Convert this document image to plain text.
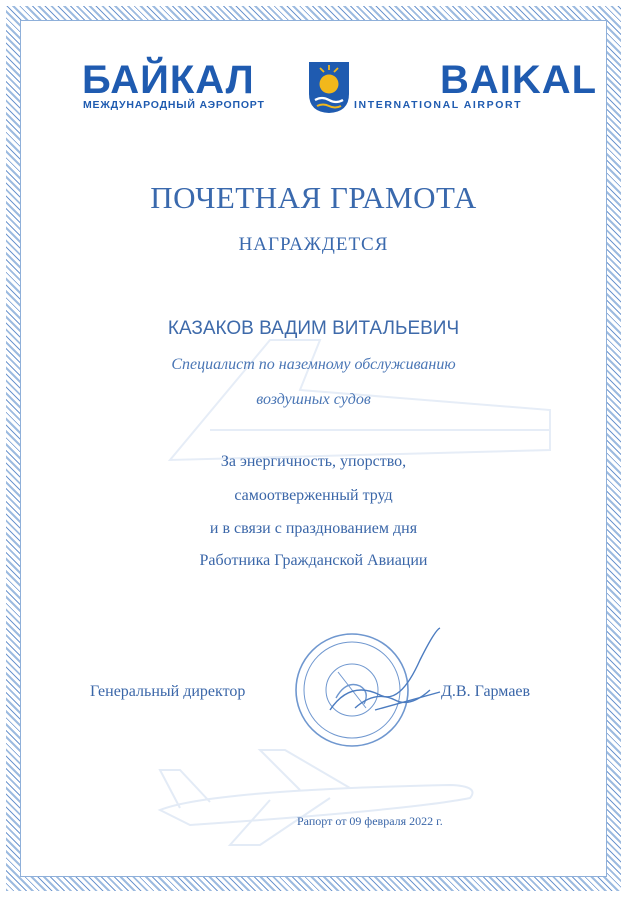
БАЙКАЛ	BAIKAL
МЕЖДУНАРОДНЫЙ АЭРОПОРТ	INTERNATIONAL AIRPORT
ПОЧЕТНАЯ ГРАМОТА
НАГРАЖДЕТСЯ
КАЗАКОВ ВАДИМ ВИТАЛЬЕВИЧ
Специалист по наземному обслуживанию
воздушных судов
За энергичность, упорство,
самоотверженный труд
и в связи с празднованием дня
Работника Гражданской Авиации
Генеральный директор	Д.В. Гармаев
Рапорт от 09 февраля 2022 г.
